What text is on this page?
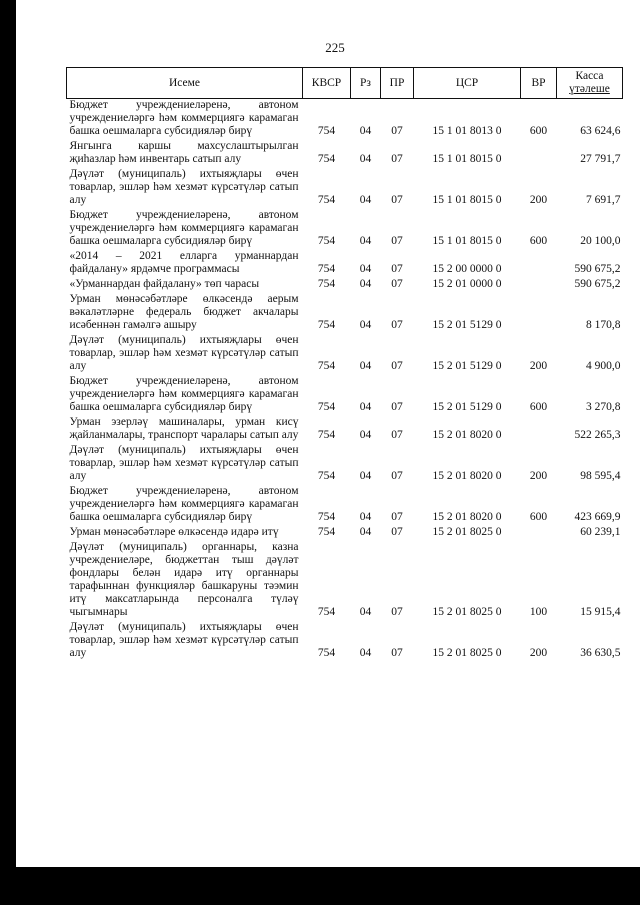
225
Исеме	КВСР	Рз	ПР	ЦСР	ВР	Касса
үтәлеше

Бюджет учреждениеләренә, автоном учреждениеләргә һәм коммерциягә карамаган башка оешмаларга субсидияләр бирү	754	04	07	15 1 01 8013 0	600	63 624,6

Янгынга каршы махсуслаштырылган җиһазлар һәм инвентарь сатып алу	754	04	07	15 1 01 8015 0		27 791,7

Дәүләт (муниципаль) ихтыяҗлары өчен товарлар, эшләр һәм хезмәт күрсәтүләр сатып алу	754	04	07	15 1 01 8015 0	200	7 691,7

Бюджет учреждениеләренә, автоном учреждениеләргә һәм коммерциягә карамаган башка оешмаларга субсидияләр бирү	754	04	07	15 1 01 8015 0	600	20 100,0

«2014 – 2021 елларга урманнардан файдалану» ярдәмче программасы	754	04	07	15 2 00 0000 0		590 675,2

«Урманнардан файдалану» төп чарасы	754	04	07	15 2 01 0000 0		590 675,2

Урман мөнәсәбәтләре өлкәсендә аерым вәкаләтләрне федераль бюджет акчалары исәбеннән гамәлгә ашыру	754	04	07	15 2 01 5129 0		8 170,8

Дәүләт (муниципаль) ихтыяҗлары өчен товарлар, эшләр һәм хезмәт күрсәтүләр сатып алу	754	04	07	15 2 01 5129 0	200	4 900,0

Бюджет учреждениеләренә, автоном учреждениеләргә һәм коммерциягә карамаган башка оешмаларга субсидияләр бирү	754	04	07	15 2 01 5129 0	600	3 270,8

Урман эзерләү машиналары, урман кисү җайланмалары, транспорт чаралары сатып алу	754	04	07	15 2 01 8020 0		522 265,3

Дәүләт (муниципаль) ихтыяҗлары өчен товарлар, эшләр һәм хезмәт күрсәтүләр сатып алу	754	04	07	15 2 01 8020 0	200	98 595,4

Бюджет учреждениеләренә, автоном учреждениеләргә һәм коммерциягә карамаган башка оешмаларга субсидияләр бирү	754	04	07	15 2 01 8020 0	600	423 669,9

Урман мөнәсәбәтләре өлкәсендә идарә итү	754	04	07	15 2 01 8025 0		60 239,1

Дәүләт (муниципаль) органнары, казна учреждениеләре, бюджеттан тыш дәүләт фондлары белән идарә итү органнары тарафыннан функцияләр башкаруны тәэмин итү максатларында персоналга түләү чыгымнары	754	04	07	15 2 01 8025 0	100	15 915,4

Дәүләт (муниципаль) ихтыяҗлары өчен товарлар, эшләр һәм хезмәт күрсәтүләр сатып алу	754	04	07	15 2 01 8025 0	200	36 630,5
